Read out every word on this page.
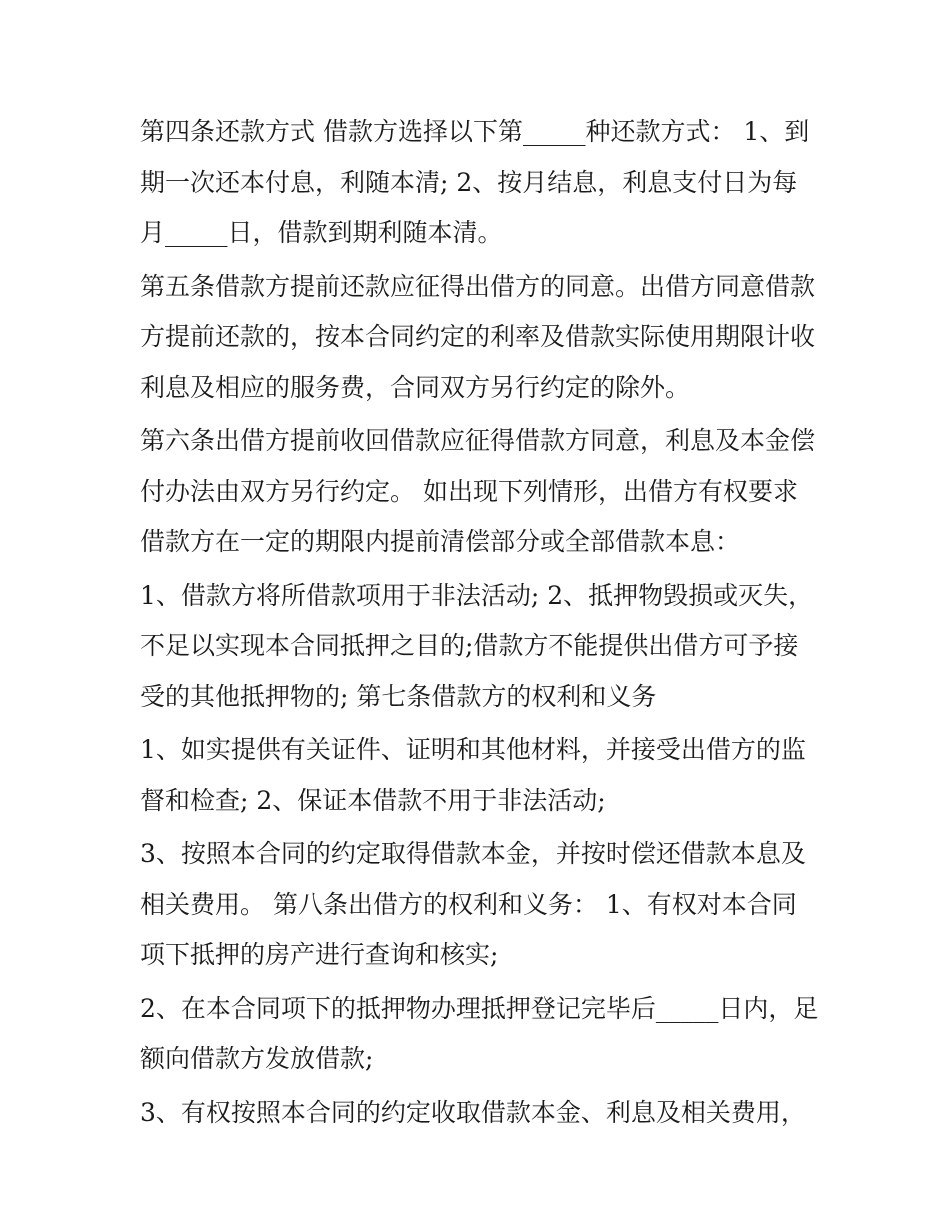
第四条还款方式 借款方选择以下第_____种还款方式： 1、到期一次还本付息，利随本清; 2、按月结息，利息支付日为每月_____日，借款到期利随本清。

第五条借款方提前还款应征得出借方的同意。出借方同意借款方提前还款的，按本合同约定的利率及借款实际使用期限计收利息及相应的服务费，合同双方另行约定的除外。

第六条出借方提前收回借款应征得借款方同意，利息及本金偿付办法由双方另行约定。 如出现下列情形，出借方有权要求借款方在一定的期限内提前清偿部分或全部借款本息：

1、借款方将所借款项用于非法活动; 2、抵押物毁损或灭失，不足以实现本合同抵押之目的;借款方不能提供出借方可予接受的其他抵押物的; 第七条借款方的权利和义务

1、如实提供有关证件、证明和其他材料，并接受出借方的监督和检查; 2、保证本借款不用于非法活动;

3、按照本合同的约定取得借款本金，并按时偿还借款本息及相关费用。 第八条出借方的权利和义务： 1、有权对本合同项下抵押的房产进行查询和核实;

2、在本合同项下的抵押物办理抵押登记完毕后_____日内，足额向借款方发放借款;

3、有权按照本合同的约定收取借款本金、利息及相关费用，
